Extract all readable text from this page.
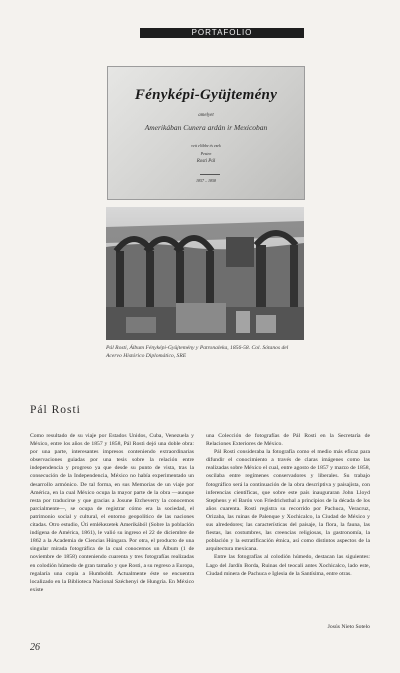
PORTAFOLIO
Fényképi-Gyüjtemény
amelyet
Amerikában Cunera ardán ir Mexicoban
vett előbbe és ezek
Pesten
Rosti Pál
1857 – 1858
Pál Rosti, Álbum Fényképi-Gyüjtemény y Patronaleka, 1856-58. Col. Sótanos del Acervo Histórico Diplomático, SRE
Pál Rosti

Como resultado de su viaje por Estados Unidos, Cuba, Venezuela y México, entre los años de 1857 y 1858, Pál Rosti dejó una doble obra: por una parte, interesantes impresos conteniendo extraordinarias observaciones guiadas por una tesis sobre la relación entre independencia y progreso ya que desde su punto de vista, tras la consecución de la Independencia, México no había experimentado un desarrollo armónico. De tal forma, en sus Memorias de un viaje por América, en la cual México ocupa la mayor parte de la obra —aunque resta por traducirse y que gracias a Josune Etcheverry la conocemos parcialmente—, se ocupa de registrar cómo era la sociedad, el patrimonio social y cultural, el entorno geopolítico de las naciones citadas. Otro estudio, Úti emlékezetek Amerikából (Sobre la población indígena de América, 1861), le valió su ingreso el 22 de diciembre de 1862 a la Academia de Ciencias Húngara. Por otra, el producto de una singular mirada fotográfica de la cual conocemos un Álbum (1 de noviembre de 1858) conteniendo cuarenta y tres fotografías realizadas en colodión húmedo de gran tamaño y que Rosti, a su regreso a Europa, regalaría una copia a Humboldt. Actualmente éste se encuentra localizado en la Biblioteca Nacional Széchenyi de Hungría. En México existe

una Colección de fotografías de Pál Rosti en la Secretaría de Relaciones Exteriores de México.

Pál Rosti consideraba la fotografía como el medio más eficaz para difundir el conocimiento a través de claras imágenes como las realizadas sobre México el cual, entre agosto de 1857 y marzo de 1858, oscilaba entre regímenes conservadores y liberales. Su trabajo fotográfico será la continuación de la obra descriptiva y paisajista, con inferencias científicas, que sobre este país inauguraran John Lloyd Stephens y el Barón von Friedrichsthal a principios de la década de los años cuarenta. Rosti registra su recorrido por Pachuca, Veracruz, Orizaba, las ruinas de Palenque y Xochicalco, la Ciudad de México y sus alrededores; las características del paisaje, la flora, la fauna, las fiestas, las costumbres, las creencias religiosas, la gastronomía, la población y la estratificación étnica, así como distintos aspectos de la arquitectura mexicana.

Entre las fotografías al colodión húmedo, destacan las siguientes: Lago del Jardín Borda, Ruinas del teocali antes Xochicalco, lado este, Ciudad minera de Pachuca e Iglesia de la Santísima, entre otras.

Josús Nieto Sotelo
26
